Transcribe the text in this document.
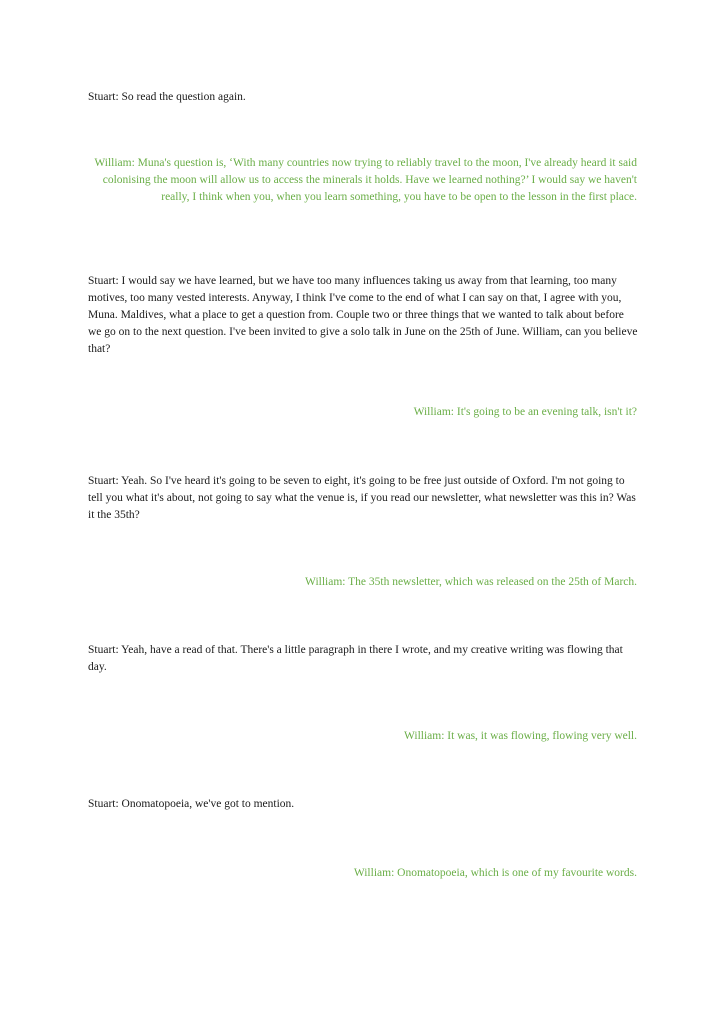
Stuart: So read the question again.

William: Muna's question is, ‘With many countries now trying to reliably travel to the moon, I've already heard it said colonising the moon will allow us to access the minerals it holds. Have we learned nothing?’ I would say we haven't really, I think when you, when you learn something, you have to be open to the lesson in the first place.

Stuart: I would say we have learned, but we have too many influences taking us away from that learning, too many motives, too many vested interests. Anyway, I think I've come to the end of what I can say on that, I agree with you, Muna. Maldives, what a place to get a question from. Couple two or three things that we wanted to talk about before we go on to the next question. I've been invited to give a solo talk in June on the 25th of June. William, can you believe that?

William: It's going to be an evening talk, isn't it?

Stuart: Yeah. So I've heard it's going to be seven to eight, it's going to be free just outside of Oxford. I'm not going to tell you what it's about, not going to say what the venue is, if you read our newsletter, what newsletter was this in? Was it the 35th?

William: The 35th newsletter, which was released on the 25th of March.

Stuart: Yeah, have a read of that. There's a little paragraph in there I wrote, and my creative writing was flowing that day.

William: It was, it was flowing, flowing very well.

Stuart: Onomatopoeia, we've got to mention.

William: Onomatopoeia, which is one of my favourite words.
